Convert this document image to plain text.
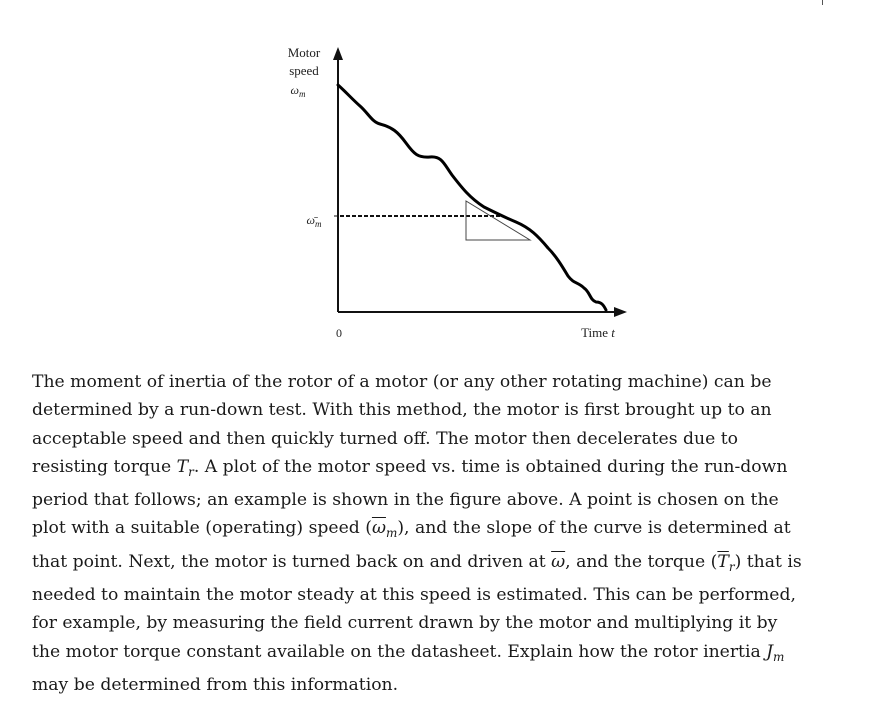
Motor
speed
ωm
ω̄m
0	Time t
The moment of inertia of the rotor of a motor (or any other rotating machine) can be
determined by a run-down test. With this method, the motor is first brought up to an
acceptable speed and then quickly turned off. The motor then decelerates due to
resisting torque $T_r$. A plot of the motor speed vs. time is obtained during the run-down
period that follows; an example is shown in the figure above. A point is chosen on the
plot with a suitable (operating) speed $(\overline{\omega}_m)$, and the slope of the curve is determined at
that point. Next, the motor is turned back on and driven at $\overline{\omega}$, and the torque $(\overline{T}_r)$ that is
needed to maintain the motor steady at this speed is estimated. This can be performed,
for example, by measuring the field current drawn by the motor and multiplying it by
the motor torque constant available on the datasheet. Explain how the rotor inertia $J_m$
may be determined from this information.
